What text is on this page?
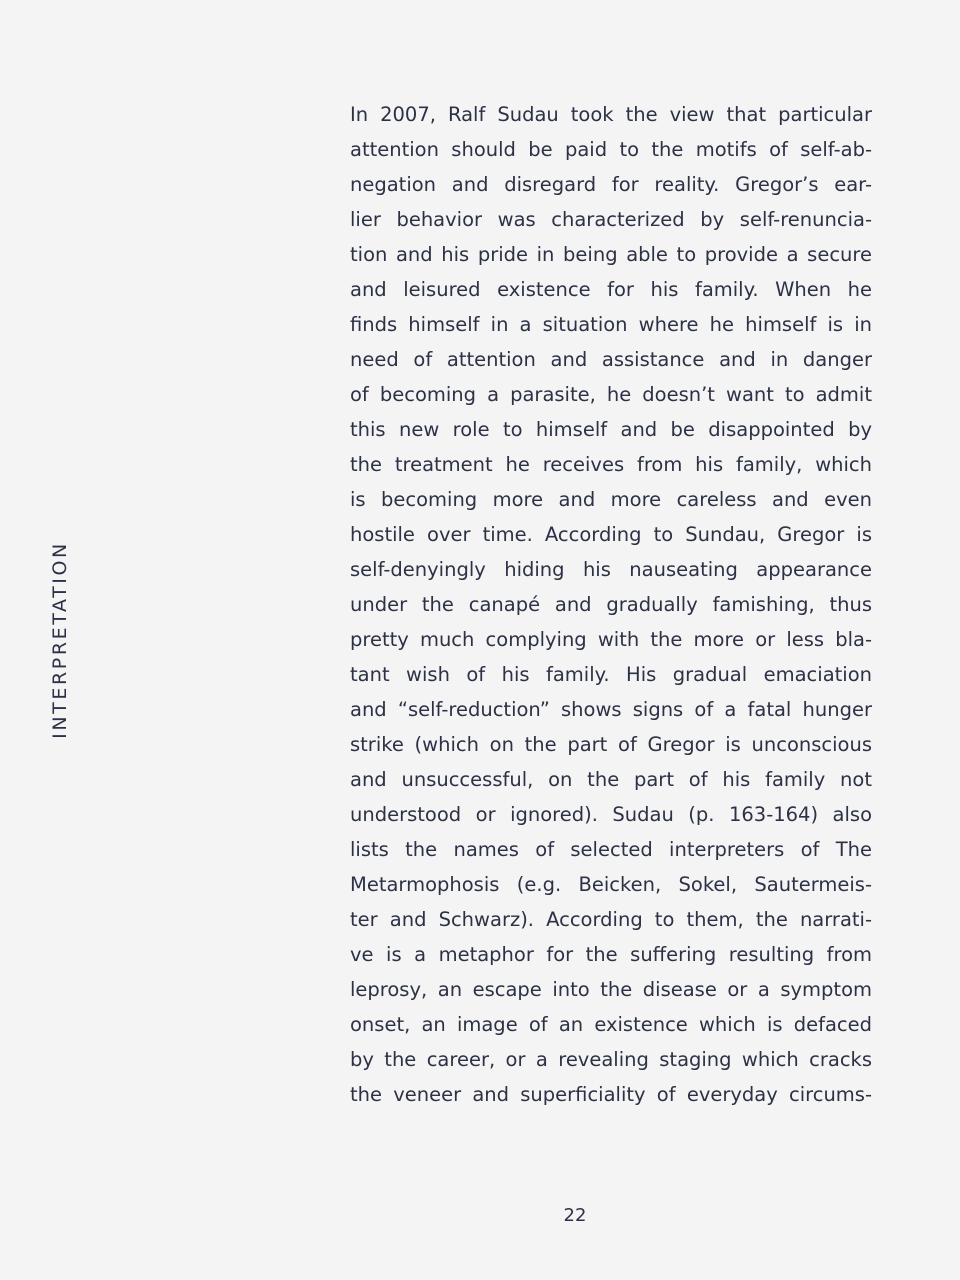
INTERPRETATION
In 2007, Ralf Sudau took the view that particular
attention should be paid to the motifs of self-ab-
negation and disregard for reality. Gregor’s ear-
lier behavior was characterized by self-renuncia-
tion and his pride in being able to provide a secure
and leisured existence for his family. When he
finds himself in a situation where he himself is in
need of attention and assistance and in danger
of becoming a parasite, he doesn’t want to admit
this new role to himself and be disappointed by
the treatment he receives from his family, which
is becoming more and more careless and even
hostile over time. According to Sundau, Gregor is
self-denyingly hiding his nauseating appearance
under the canapé and gradually famishing, thus
pretty much complying with the more or less bla-
tant wish of his family. His gradual emaciation
and “self-reduction” shows signs of a fatal hunger
strike (which on the part of Gregor is unconscious
and unsuccessful, on the part of his family not
understood or ignored). Sudau (p. 163-164) also
lists the names of selected interpreters of The
Metarmophosis (e.g. Beicken, Sokel, Sautermeis-
ter and Schwarz). According to them, the narrati-
ve is a metaphor for the suffering resulting from
leprosy, an escape into the disease or a symptom
onset, an image of an existence which is defaced
by the career, or a revealing staging which cracks
the veneer and superficiality of everyday circums-
22
